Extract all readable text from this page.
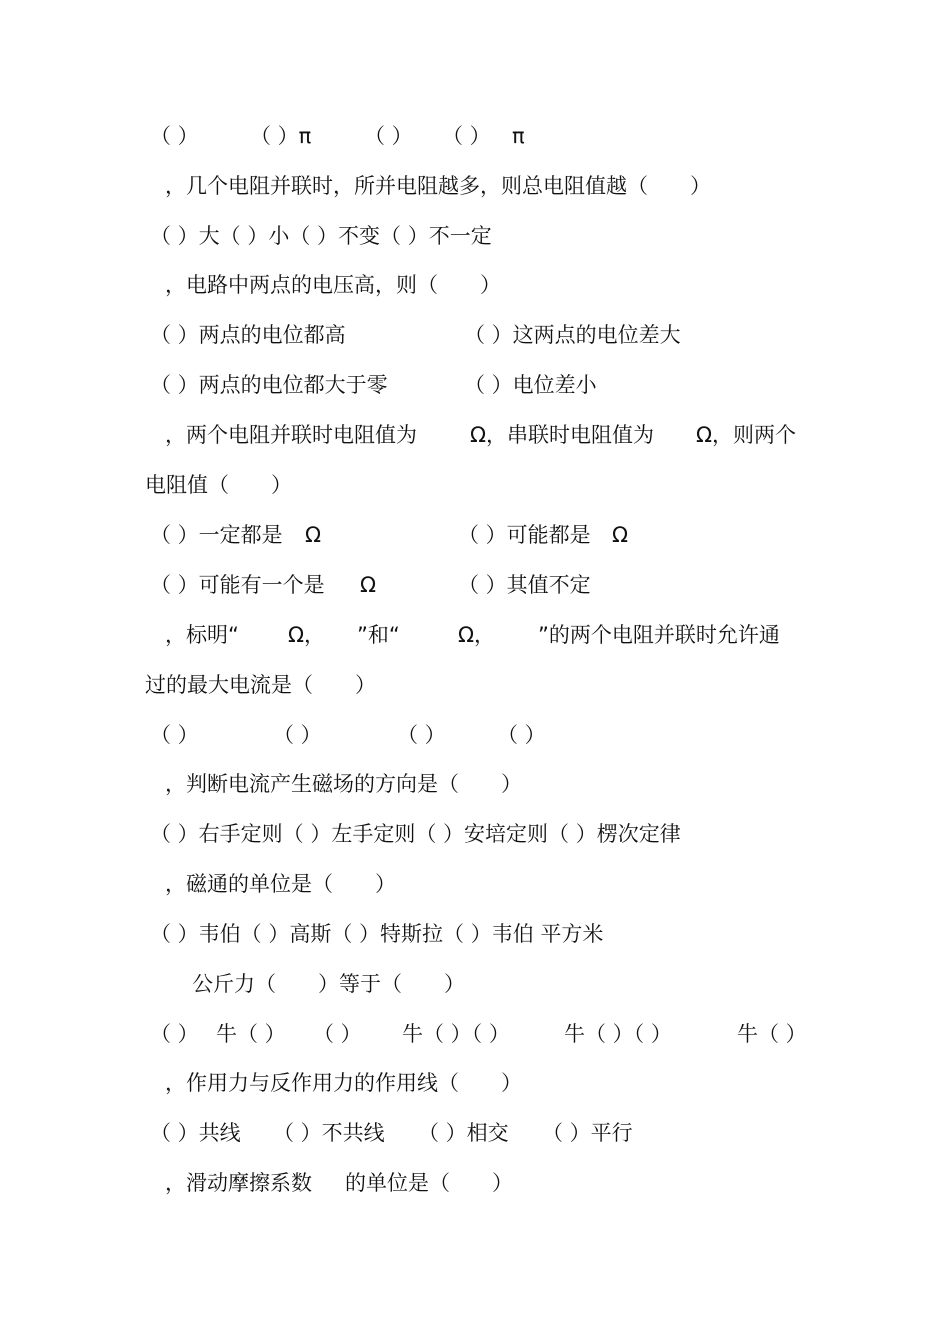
（ ）

（ ）π

	（ ）

（ ）

π

，几个电阻并联时，所并电阻越多，则总电阻值越（　　）

（ ）大（ ）小（ ）不变（ ）不一定

，电路中两点的电压高，则（　　）

（ ）两点的电位都高

	（ ）这两点的电位差大

（ ）两点的电位都大于零

	（ ）电位差小

，两个电阻并联时电阻值为

	Ω，串联时电阻值为

Ω，则两个

电阻值（　　）

（ ）一定都是

Ω

	（ ）可能都是

Ω

（ ）可能有一个是

Ω

	（ ）其值不定

，标明“

Ω，

”和“

	Ω，

”的两个电阻并联时允许通

过的最大电流是（　　）

（ ）

	（ ）

	（ ）

（ ）

，判断电流产生磁场的方向是（　　）

（ ）右手定则（ ）左手定则（ ）安培定则（ ）楞次定律

，磁通的单位是（　　）

（ ）韦伯（ ）高斯（ ）特斯拉（ ）韦伯 平方米

公斤力（　　）等于（　　）

（ ）

牛（ ）

（ ）

牛（ ）（ ）

	牛（ ）（ ）

	牛（ ）

，作用力与反作用力的作用线（　　）

（ ）共线

（ ）不共线

（ ）相交

（ ）平行

，滑动摩擦系数

的单位是（　　）
